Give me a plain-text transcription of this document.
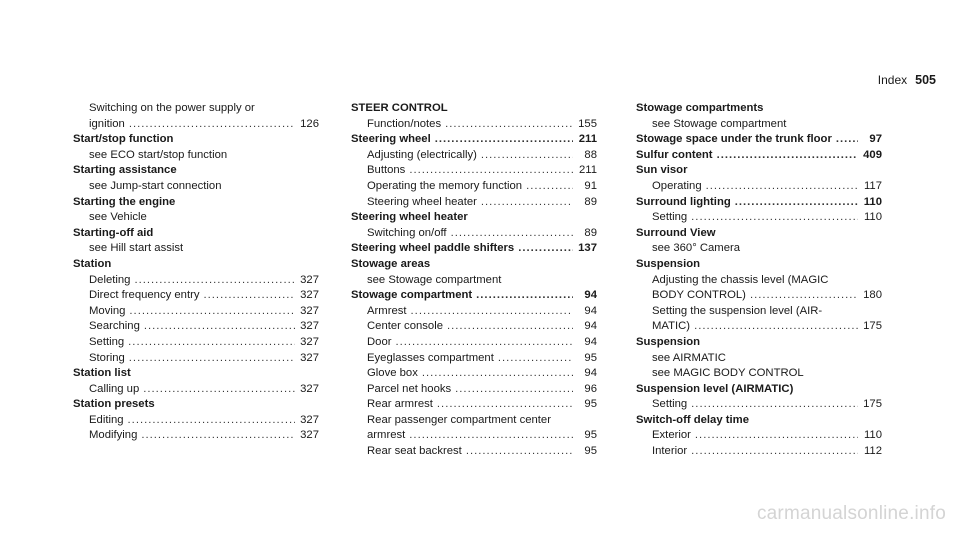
Index 505
Switching on the power supply or
ignition .....	126
Start/stop function
see ECO start/stop function
Starting assistance
see Jump-start connection
Starting the engine
see Vehicle
Starting-off aid
see Hill start assist
Station
Deleting .....	327
Direct frequency entry .....	327
Moving .....	327
Searching .....	327
Setting .....	327
Storing .....	327
Station list
Calling up .....	327
Station presets
Editing .....	327
Modifying .....	327
STEER CONTROL
Function/notes .....	155
Steering wheel .....	211
Adjusting (electrically) .....	88
Buttons .....	211
Operating the memory function .....	91
Steering wheel heater .....	89
Steering wheel heater
Switching on/off .....	89
Steering wheel paddle shifters .....	137
Stowage areas
see Stowage compartment
Stowage compartment .....	94
Armrest .....	94
Center console .....	94
Door .....	94
Eyeglasses compartment .....	95
Glove box .....	94
Parcel net hooks .....	96
Rear armrest .....	95
Rear passenger compartment center
armrest .....	95
Rear seat backrest .....	95
Stowage compartments
see Stowage compartment
Stowage space under the trunk floor .....	97
Sulfur content .....	409
Sun visor
Operating .....	117
Surround lighting .....	110
Setting .....	110
Surround View
see 360° Camera
Suspension
Adjusting the chassis level (MAGIC
BODY CONTROL) .....	180
Setting the suspension level (AIR-
MATIC) .....	175
Suspension
see AIRMATIC
see MAGIC BODY CONTROL
Suspension level (AIRMATIC)
Setting .....	175
Switch-off delay time
Exterior .....	110
Interior .....	112
carmanualsonline.info
